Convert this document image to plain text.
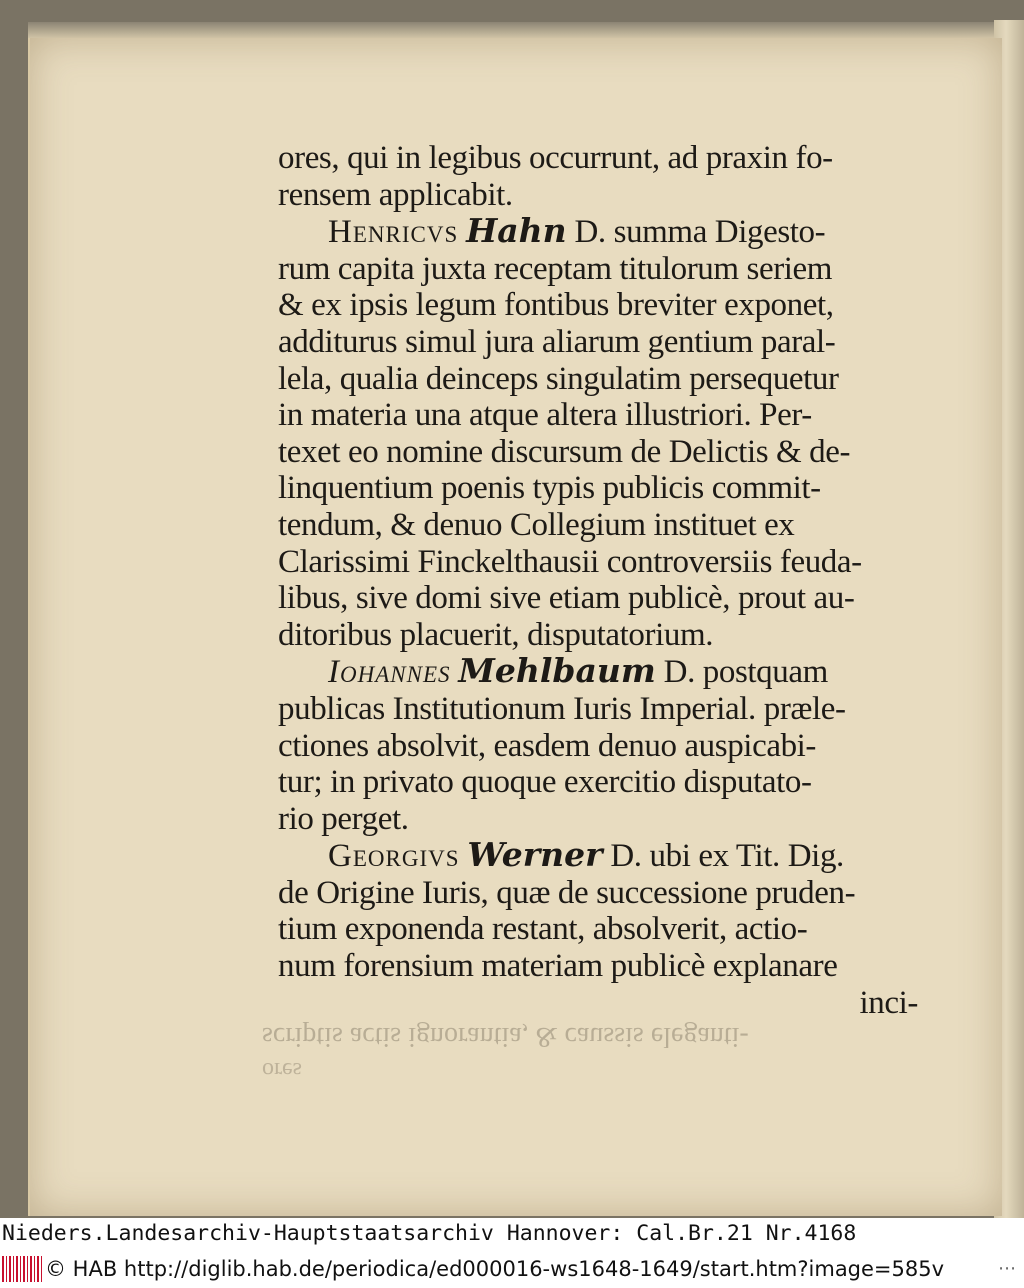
ores, qui in legibus occurrunt, ad praxin fo-
rensem applicabit.
Henricvs Hahn D. summa Digesto-
rum capita juxta receptam titulorum seriem
& ex ipsis legum fontibus breviter exponet,
additurus simul jura aliarum gentium paral-
lela, qualia deinceps singulatim persequetur
in materia una atque altera illustriori. Per-
texet eo nomine discursum de Delictis & de-
linquentium poenis typis publicis commit-
tendum, & denuo Collegium instituet ex
Clarissimi Finckelthausii controversiis feuda-
libus, sive domi sive etiam publicè, prout au-
ditoribus placuerit, disputatorium.
Iohannes Mehlbaum D. postquam
publicas Institutionum Iuris Imperial. præle-
ctiones absolvit, easdem denuo auspicabi-
tur; in privato quoque exercitio disputato-
rio perget.
Georgivs Werner D. ubi ex Tit. Dig.
de Origine Iuris, quæ de successione pruden-
tium exponenda restant, absolverit, actio-
num forensium materiam publicè explanare
inci-
scriptis actis ignorantia, & caussis eleganti-
ores
Nieders.Landesarchiv-Hauptstaatsarchiv Hannover: Cal.Br.21 Nr.4168
© HAB http://diglib.hab.de/periodica/ed000016-ws1648-1649/start.htm?image=585v	⋯
